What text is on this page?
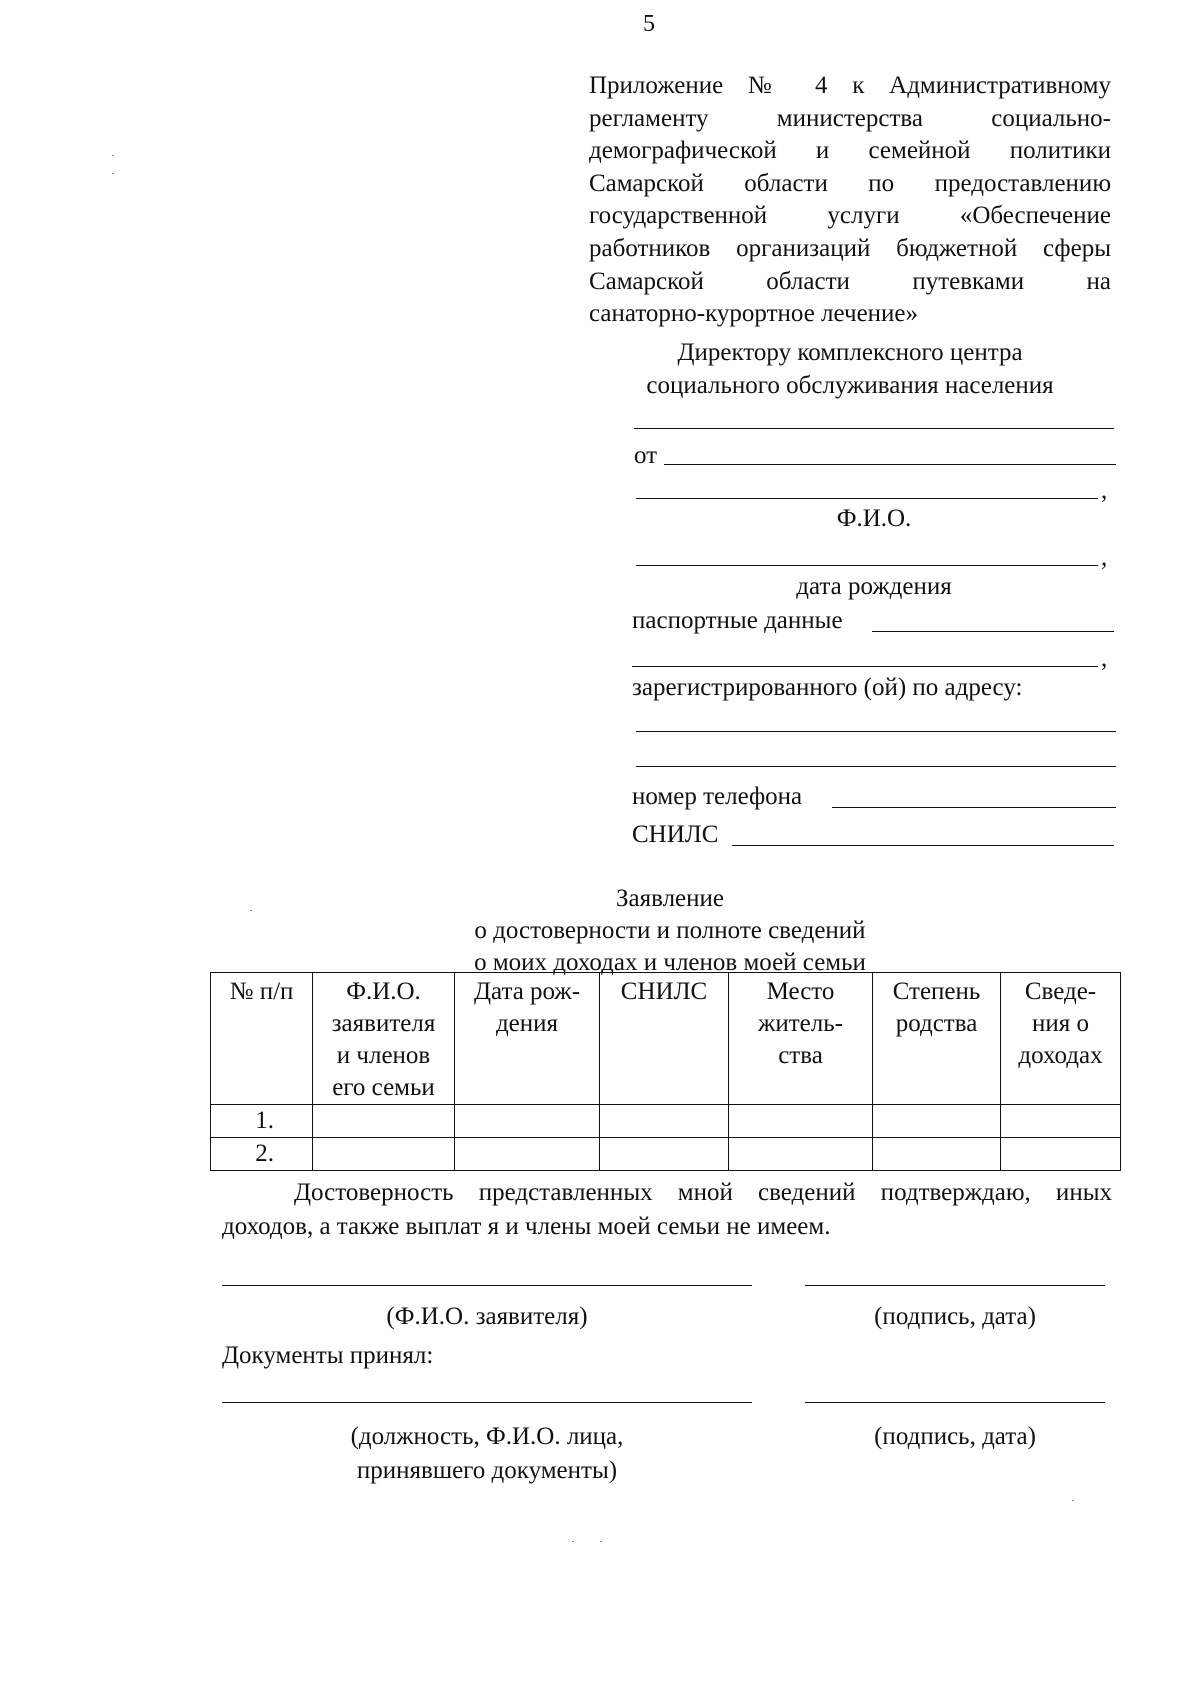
5
Приложение № 4 к Административному
регламенту министерства социально-
демографической и семейной политики
Самарской области по предоставлению
государственной услуги «Обеспечение
работников организаций бюджетной сферы
Самарской области путевками на
санаторно-курортное лечение»
Директору комплексного центра
социального обслуживания населения
от
,
Ф.И.О.
,
дата рождения
паспортные данные
,
зарегистрированного (ой) по адресу:
номер телефона
СНИЛС
Заявление
о достоверности и полноте сведений
о моих доходах и членов моей семьи
№ п/п	Ф.И.О.
заявителя
и членов
его семьи	Дата рож-
дения	СНИЛС	Место
житель-
ства	Степень
родства	Сведе-
ния о
доходах
1.						
2.						
Достоверность представленных мной сведений подтверждаю, иных
доходов, а также выплат я и члены моей семьи не имеем.
(Ф.И.О. заявителя)	(подпись, дата)
Документы принял:
(должность, Ф.И.О. лица,
принявшего документы)
(подпись, дата)
